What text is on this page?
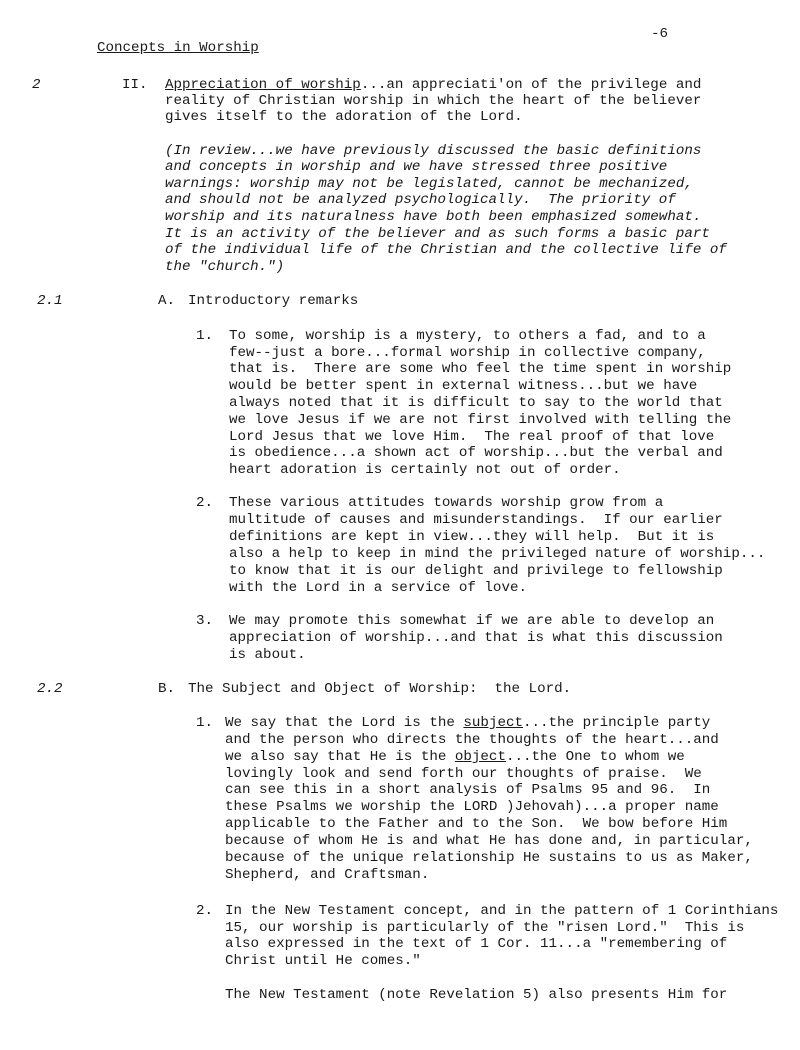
-6
Concepts in Worship
2
2.1
2.2
II. Appreciation of worship...an appreciati'on of the privilege and
reality of Christian worship in which the heart of the believer
gives itself to the adoration of the Lord.
(In review...we have previously discussed the basic definitions
and concepts in worship and we have stressed three positive
warnings: worship may not be legislated, cannot be mechanized,
and should not be analyzed psychologically.  The priority of
worship and its naturalness have both been emphasized somewhat.
It is an activity of the believer and as such forms a basic part
of the individual life of the Christian and the collective life of
the "church.")
A. Introductory remarks
1. To some, worship is a mystery, to others a fad, and to a
few--just a bore...formal worship in collective company,
that is.  There are some who feel the time spent in worship
would be better spent in external witness...but we have
always noted that it is difficult to say to the world that
we love Jesus if we are not first involved with telling the
Lord Jesus that we love Him.  The real proof of that love
is obedience...a shown act of worship...but the verbal and
heart adoration is certainly not out of order.
2. These various attitudes towards worship grow from a
multitude of causes and misunderstandings.  If our earlier
definitions are kept in view...they will help.  But it is
also a help to keep in mind the privileged nature of worship...
to know that it is our delight and privilege to fellowship
with the Lord in a service of love.
3. We may promote this somewhat if we are able to develop an
appreciation of worship...and that is what this discussion
is about.
B. The Subject and Object of Worship:  the Lord.
1. We say that the Lord is the subject...the principle party
and the person who directs the thoughts of the heart...and
we also say that He is the object...the One to whom we
lovingly look and send forth our thoughts of praise.  We
can see this in a short analysis of Psalms 95 and 96.  In
these Psalms we worship the LORD )Jehovah)...a proper name
applicable to the Father and to the Son.  We bow before Him
because of whom He is and what He has done and, in particular,
because of the unique relationship He sustains to us as Maker,
Shepherd, and Craftsman.
2. In the New Testament concept, and in the pattern of 1 Corinthians
15, our worship is particularly of the "risen Lord."  This is
also expressed in the text of 1 Cor. 11...a "remembering of
Christ until He comes."
The New Testament (note Revelation 5) also presents Him for
